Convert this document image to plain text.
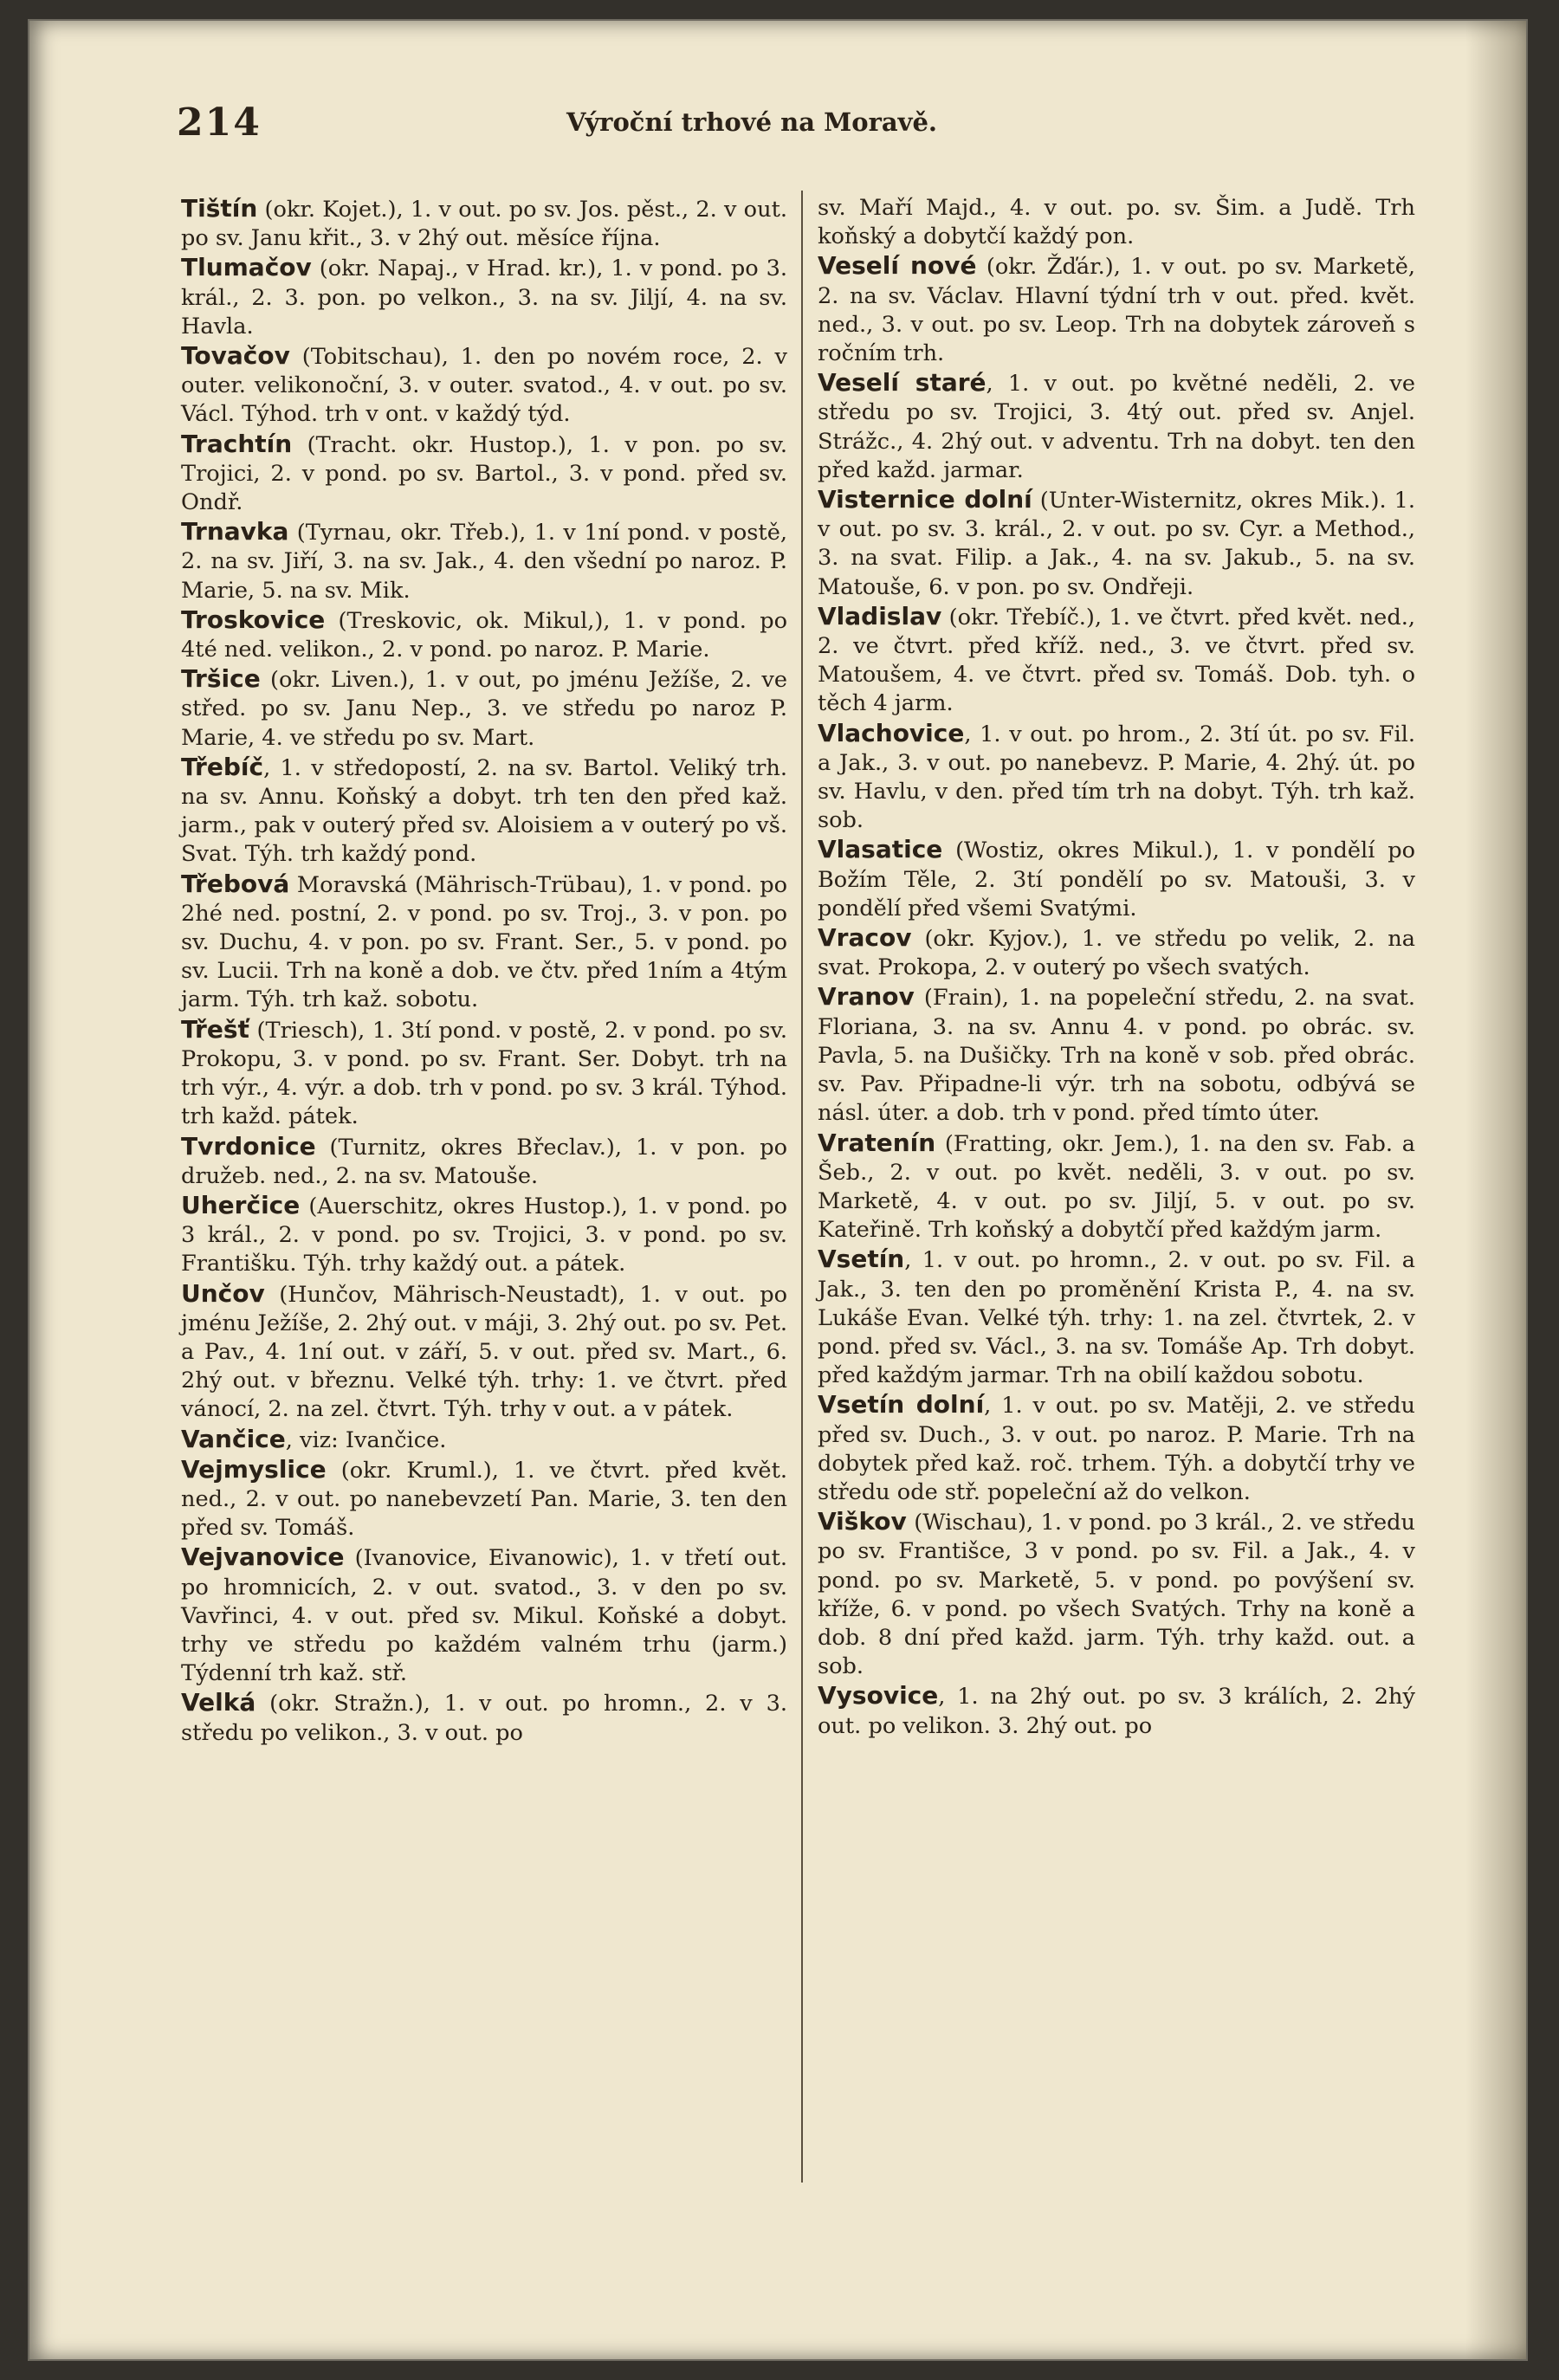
214	Výroční trhové na Moravě.

Tištín (okr. Kojet.), 1. v out. po sv. Jos. pěst., 2. v out. po sv. Janu křit., 3. v 2hý out. měsíce října.

Tlumačov (okr. Napaj., v Hrad. kr.), 1. v pond. po 3. král., 2. 3. pon. po velkon., 3. na sv. Jiljí, 4. na sv. Havla.

Tovačov (Tobitschau), 1. den po novém roce, 2. v outer. velikonoční, 3. v outer. svatod., 4. v out. po sv. Václ. Týhod. trh v ont. v každý týd.

Trachtín (Tracht. okr. Hustop.), 1. v pon. po sv. Trojici, 2. v pond. po sv. Bartol., 3. v pond. před sv. Ondř.

Trnavka (Tyrnau, okr. Třeb.), 1. v 1ní pond. v postě, 2. na sv. Jiří, 3. na sv. Jak., 4. den všední po naroz. P. Marie, 5. na sv. Mik.

Troskovice (Treskovic, ok. Mikul,), 1. v pond. po 4té ned. velikon., 2. v pond. po naroz. P. Marie.

Tršice (okr. Liven.), 1. v out, po jménu Ježíše, 2. ve střed. po sv. Janu Nep., 3. ve středu po naroz P. Marie, 4. ve středu po sv. Mart.

Třebíč, 1. v středopostí, 2. na sv. Bartol. Veliký trh. na sv. Annu. Koňský a dobyt. trh ten den před kaž. jarm., pak v outerý před sv. Aloisiem a v outerý po vš. Svat. Týh. trh každý pond.

Třebová Moravská (Mährisch-Trübau), 1. v pond. po 2hé ned. postní, 2. v pond. po sv. Troj., 3. v pon. po sv. Duchu, 4. v pon. po sv. Frant. Ser., 5. v pond. po sv. Lucii. Trh na koně a dob. ve čtv. před 1ním a 4tým jarm. Týh. trh kaž. sobotu.

Třešť (Triesch), 1. 3tí pond. v postě, 2. v pond. po sv. Prokopu, 3. v pond. po sv. Frant. Ser. Dobyt. trh na trh výr., 4. výr. a dob. trh v pond. po sv. 3 král. Týhod. trh každ. pátek.

Tvrdonice (Turnitz, okres Břeclav.), 1. v pon. po družeb. ned., 2. na sv. Matouše.

Uherčice (Auerschitz, okres Hustop.), 1. v pond. po 3 král., 2. v pond. po sv. Trojici, 3. v pond. po sv. Františku. Týh. trhy každý out. a pátek.

Unčov (Hunčov, Mährisch-Neustadt), 1. v out. po jménu Ježíše, 2. 2hý out. v máji, 3. 2hý out. po sv. Pet. a Pav., 4. 1ní out. v září, 5. v out. před sv. Mart., 6. 2hý out. v březnu. Velké týh. trhy: 1. ve čtvrt. před vánocí, 2. na zel. čtvrt. Týh. trhy v out. a v pátek.

Vančice, viz: Ivančice.

Vejmyslice (okr. Kruml.), 1. ve čtvrt. před květ. ned., 2. v out. po nanebevzetí Pan. Marie, 3. ten den před sv. Tomáš.

Vejvanovice (Ivanovice, Eivanowic), 1. v třetí out. po hromnicích, 2. v out. svatod., 3. v den po sv. Vavřinci, 4. v out. před sv. Mikul. Koňské a dobyt. trhy ve středu po každém valném trhu (jarm.) Týdenní trh kaž. stř.

Velká (okr. Stražn.), 1. v out. po hromn., 2. v 3. středu po velikon., 3. v out. po

sv. Maří Majd., 4. v out. po. sv. Šim. a Judě. Trh koňský a dobytčí každý pon.

Veselí nové (okr. Žďár.), 1. v out. po sv. Marketě, 2. na sv. Václav. Hlavní týdní trh v out. před. květ. ned., 3. v out. po sv. Leop. Trh na dobytek zároveň s ročním trh.

Veselí staré, 1. v out. po květné neděli, 2. ve středu po sv. Trojici, 3. 4tý out. před sv. Anjel. Strážc., 4. 2hý out. v adventu. Trh na dobyt. ten den před každ. jarmar.

Visternice dolní (Unter-Wisternitz, okres Mik.). 1. v out. po sv. 3. král., 2. v out. po sv. Cyr. a Method., 3. na svat. Filip. a Jak., 4. na sv. Jakub., 5. na sv. Matouše, 6. v pon. po sv. Ondřeji.

Vladislav (okr. Třebíč.), 1. ve čtvrt. před květ. ned., 2. ve čtvrt. před kříž. ned., 3. ve čtvrt. před sv. Matoušem, 4. ve čtvrt. před sv. Tomáš. Dob. tyh. o těch 4 jarm.

Vlachovice, 1. v out. po hrom., 2. 3tí út. po sv. Fil. a Jak., 3. v out. po nanebevz. P. Marie, 4. 2hý. út. po sv. Havlu, v den. před tím trh na dobyt. Týh. trh kaž. sob.

Vlasatice (Wostiz, okres Mikul.), 1. v pondělí po Božím Těle, 2. 3tí pondělí po sv. Matouši, 3. v pondělí před všemi Svatými.

Vracov (okr. Kyjov.), 1. ve středu po velik, 2. na svat. Prokopa, 2. v outerý po všech svatých.

Vranov (Frain), 1. na popeleční středu, 2. na svat. Floriana, 3. na sv. Annu 4. v pond. po obrác. sv. Pavla, 5. na Dušičky. Trh na koně v sob. před obrác. sv. Pav. Připadne-li výr. trh na sobotu, odbývá se násl. úter. a dob. trh v pond. před tímto úter.

Vratenín (Fratting, okr. Jem.), 1. na den sv. Fab. a Šeb., 2. v out. po květ. neděli, 3. v out. po sv. Marketě, 4. v out. po sv. Jiljí, 5. v out. po sv. Kateřině. Trh koňský a dobytčí před každým jarm.

Vsetín, 1. v out. po hromn., 2. v out. po sv. Fil. a Jak., 3. ten den po proměnění Krista P., 4. na sv. Lukáše Evan. Velké týh. trhy: 1. na zel. čtvrtek, 2. v pond. před sv. Václ., 3. na sv. Tomáše Ap. Trh dobyt. před každým jarmar. Trh na obilí každou sobotu.

Vsetín dolní, 1. v out. po sv. Matěji, 2. ve středu před sv. Duch., 3. v out. po naroz. P. Marie. Trh na dobytek před kaž. roč. trhem. Týh. a dobytčí trhy ve středu ode stř. popeleční až do velkon.

Viškov (Wischau), 1. v pond. po 3 král., 2. ve středu po sv. Františce, 3 v pond. po sv. Fil. a Jak., 4. v pond. po sv. Marketě, 5. v pond. po povýšení sv. kříže, 6. v pond. po všech Svatých. Trhy na koně a dob. 8 dní před každ. jarm. Týh. trhy každ. out. a sob.

Vysovice, 1. na 2hý out. po sv. 3 králích, 2. 2hý out. po velikon. 3. 2hý out. po
